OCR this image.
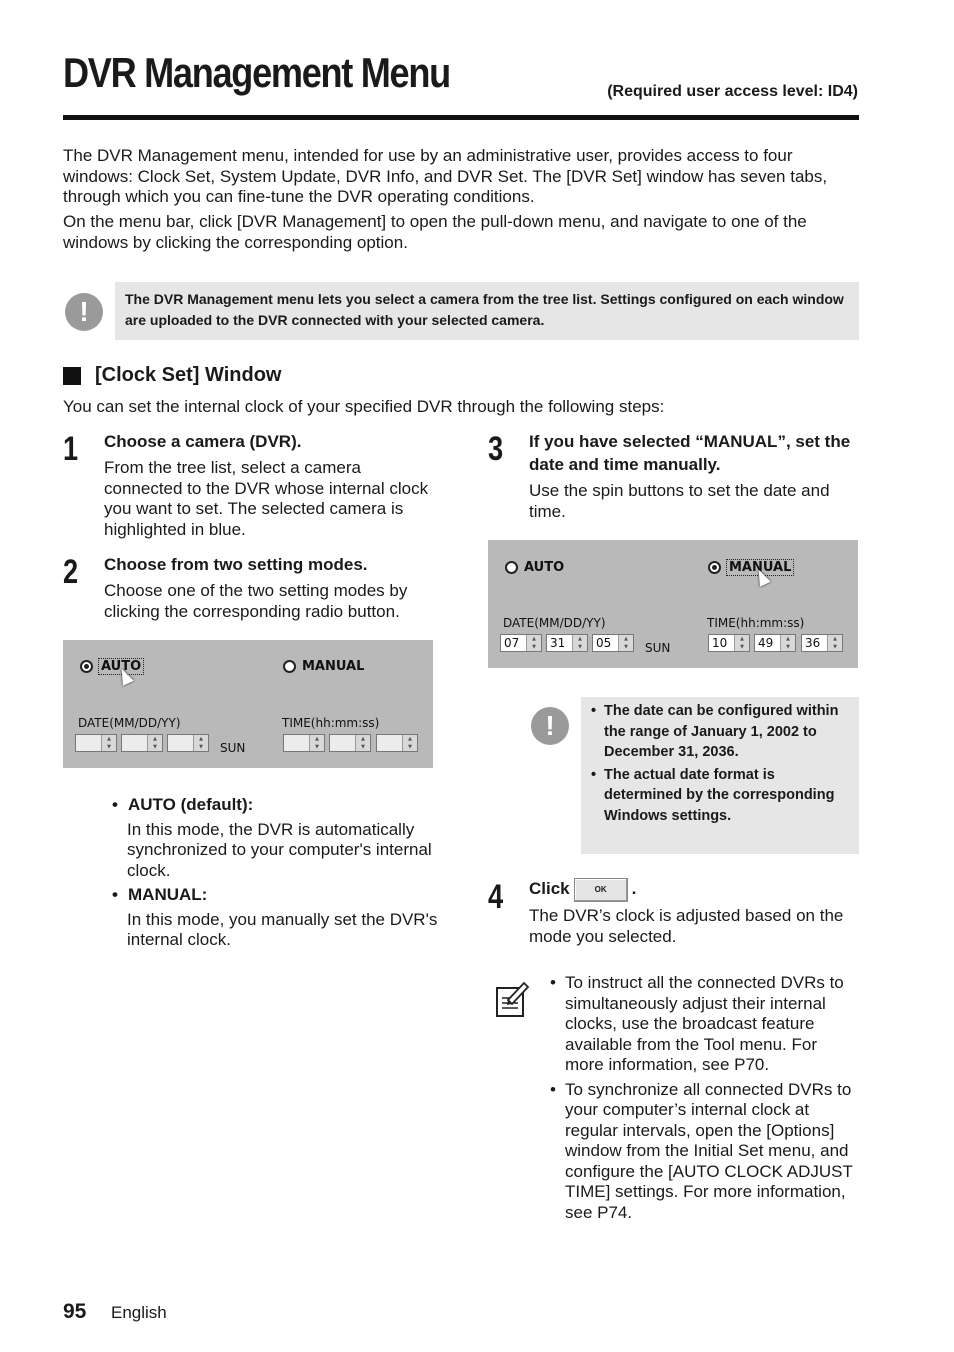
DVR Management Menu	(Required user access level: ID4)

The DVR Management menu, intended for use by an administrative user, provides access to four windows: Clock Set, System Update, DVR Info, and DVR Set. The [DVR Set] window has seven tabs, through which you can fine-tune the DVR operating conditions.

On the menu bar, click [DVR Management] to open the pull-down menu, and navigate to one of the windows by clicking the corresponding option.

!	The DVR Management menu lets you select a camera from the tree list. Settings configured on each window are uploaded to the DVR connected with your selected camera.
[Clock Set] Window
You can set the internal clock of your specified DVR through the following steps:
1 Choose a camera (DVR).
From the tree list, select a camera connected to the DVR whose internal clock you want to set. The selected camera is highlighted in blue.
2 Choose from two setting modes.
Choose one of the two setting modes by clicking the corresponding radio button.
AUTO	MANUAL
DATE(MM/DD/YY)	TIME(hh:mm:ss)
▲
▼
▲
▼
▲
▼	SUN
▲
▼
▲
▼
▲
▼
• AUTO (default):
In this mode, the DVR is automatically synchronized to your computer's internal clock.
• MANUAL:
In this mode, you manually set the DVR's internal clock.
3 If you have selected “MANUAL”, set the date and time manually.
Use the spin buttons to set the date and time.
AUTO	MANUAL
DATE(MM/DD/YY)	TIME(hh:mm:ss)
07	▲
▼	31	▲
▼	05	▲
▼	SUN	10	▲
▼	49	▲
▼	36	▲
▼
!
•	The date can be configured within the range of January 1, 2002 to December 31, 2036.
• The actual date format is determined by the corresponding Windows settings.
4 Click	OK .
The DVR’s clock is adjusted based on the mode you selected.
• To instruct all the connected DVRs to simultaneously adjust their internal clocks, use the broadcast feature available from the Tool menu. For more information, see P70.
• To synchronize all connected DVRs to your computer’s internal clock at regular intervals, open the [Options] window from the Initial Set menu, and configure the [AUTO CLOCK ADJUST TIME] settings. For more information, see P74.
95 English
